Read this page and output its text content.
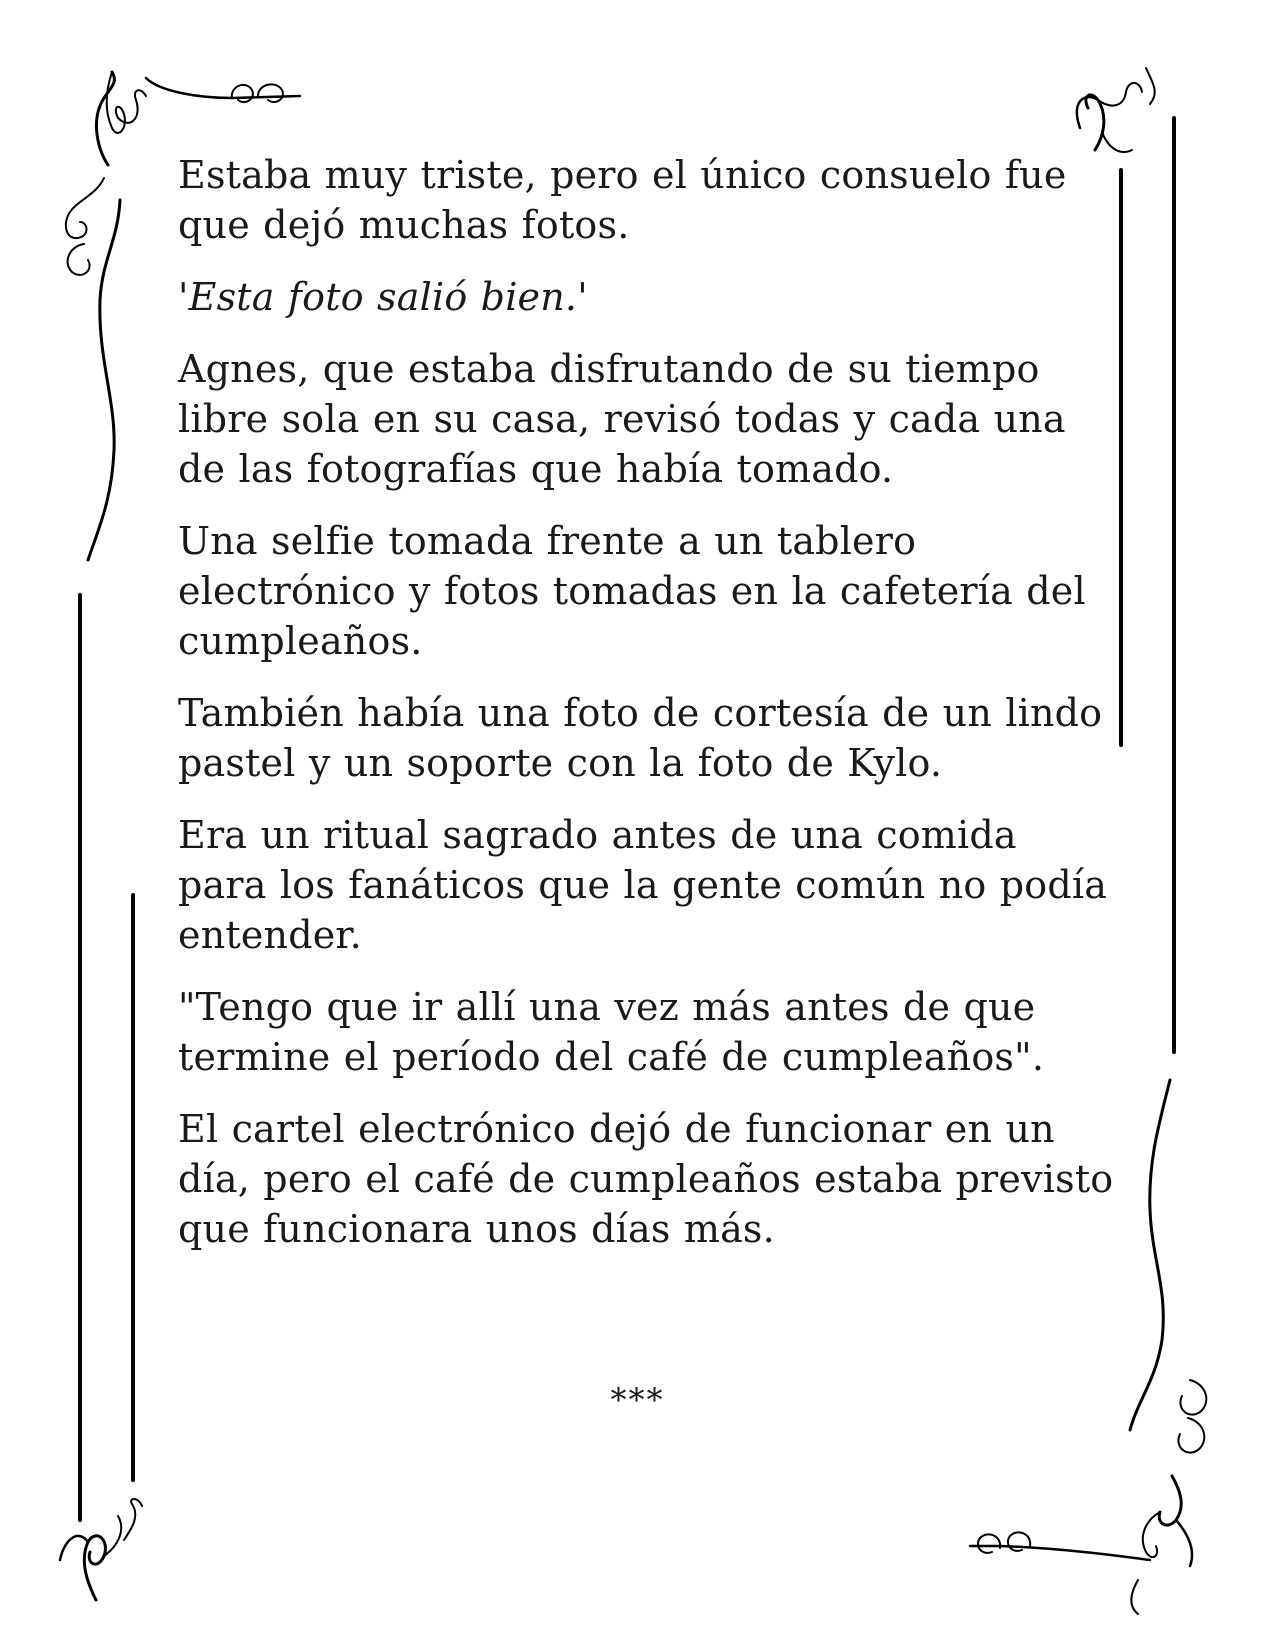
Estaba muy triste, pero el único consuelo fue que dejó muchas fotos.

'Esta foto salió bien.'

Agnes, que estaba disfrutando de su tiempo libre sola en su casa, revisó todas y cada una de las fotografías que había tomado.

Una selfie tomada frente a un tablero electrónico y fotos tomadas en la cafetería del cumpleaños.

También había una foto de cortesía de un lindo pastel y un soporte con la foto de Kylo.

Era un ritual sagrado antes de una comida para los fanáticos que la gente común no podía entender.

"Tengo que ir allí una vez más antes de que termine el período del café de cumpleaños".

El cartel electrónico dejó de funcionar en un día, pero el café de cumpleaños estaba previsto que funcionara unos días más.

***
